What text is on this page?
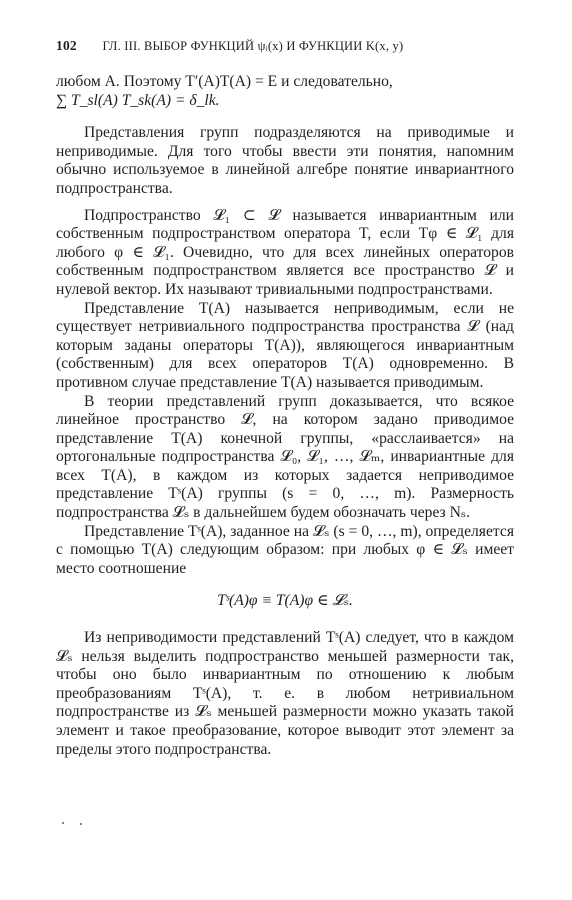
102 ГЛ. III. ВЫБОР ФУНКЦИЙ ψᵢ(x) И ФУНКЦИИ K(x, y)

любом A. Поэтому T′(A)T(A) = E и следовательно,

∑ T_sl(A) T_sk(A) = δ_lk.

Представления групп подразделяются на приводимые и неприводимые. Для того чтобы ввести эти понятия, напомним обычно используемое в линейной алгебре понятие инвариантного подпространства.

Подпространство 𝓛₁ ⊂ 𝓛 называется инвариантным или собственным подпространством оператора T, если Tφ ∈ 𝓛₁ для любого φ ∈ 𝓛₁. Очевидно, что для всех линейных операторов собственным подпространством является все пространство 𝓛 и нулевой вектор. Их называют тривиальными подпространствами.

Представление T(A) называется неприводимым, если не существует нетривиального подпространства пространства 𝓛 (над которым заданы операторы T(A)), являющегося инвариантным (собственным) для всех операторов T(A) одновременно. В противном случае представление T(A) называется приводимым.

В теории представлений групп доказывается, что всякое линейное пространство 𝓛, на котором задано приводимое представление T(A) конечной группы, «расслаивается» на ортогональные подпространства 𝓛₀, 𝓛₁, …, 𝓛ₘ, инвариантные для всех T(A), в каждом из которых задается неприводимое представление Tˢ(A) группы (s = 0, …, m). Размерность подпространства 𝓛ₛ в дальнейшем будем обозначать через Nₛ.

Представление Tˢ(A), заданное на 𝓛ₛ (s = 0, …, m), определяется с помощью T(A) следующим образом: при любых φ ∈ 𝓛ₛ имеет место соотношение

Tˢ(A)φ ≡ T(A)φ ∈ 𝓛ₛ.

Из неприводимости представлений Tˢ(A) следует, что в каждом 𝓛ₛ нельзя выделить подпространство меньшей размерности так, чтобы оно было инвариантным по отношению к любым преобразованиям Tˢ(A), т. е. в любом нетривиальном подпространстве из 𝓛ₛ меньшей размерности можно указать такой элемент и такое преобразование, которое выводит этот элемент за пределы этого подпространства.
